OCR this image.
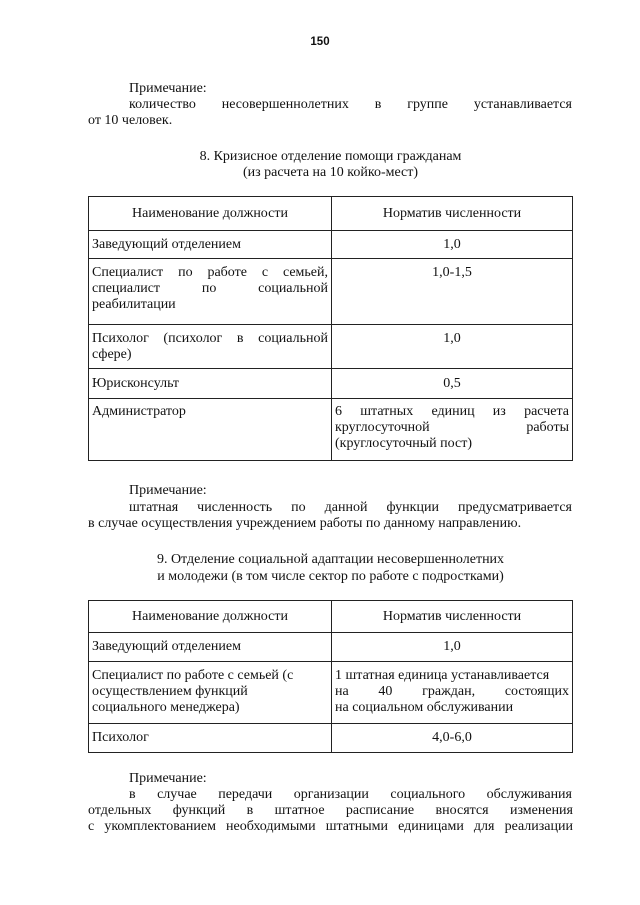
150
Примечание:
количество несовершеннолетних в группе устанавливается
от 10 человек.
8. Кризисное отделение помощи гражданам
(из расчета на 10 койко-мест)
Наименование должности	Норматив численности

Заведующий отделением	1,0

Специалист по работе с семьей,
специалист по социальной
реабилитации	1,0-1,5

Психолог (психолог в социальной
сфере)	1,0

Юрисконсульт	0,5

Администратор	6 штатных единиц из расчета
круглосуточной работы
(круглосуточный пост)
Примечание:
штатная численность по данной функции предусматривается
в случае осуществления учреждением работы по данному направлению.
9. Отделение социальной адаптации несовершеннолетних
и молодежи (в том числе сектор по работе с подростками)
Наименование должности	Норматив численности

Заведующий отделением	1,0

Специалист по работе с семьей (с
осуществлением функций
социального менеджера)	1 штатная единица устанавливается
на 40 граждан, состоящих
на социальном обслуживании

Психолог	4,0-6,0
Примечание:
в случае передачи организации социального обслуживания
отдельных функций в штатное расписание вносятся изменения
с укомплектованием необходимыми штатными единицами для реализации
